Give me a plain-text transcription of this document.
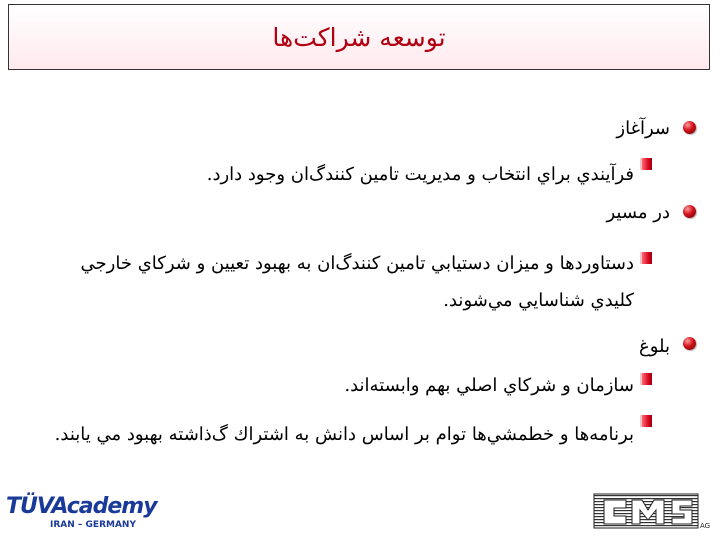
توسعه شراكت‌ها
سرآغاز
فرآيندي براي انتخاب و مديريت تامين كنندگ‌ان وجود دارد.
در مسير
دستاوردها و ميزان دستيابي تامين كنندگ‌ان به بهبود تعيين و شركاي خارجي
كليدي شناسايي مي‌شوند.
بلوغ
سازمان و شركاي اصلي بهم وابسته‌اند.
برنامه‌ها و خطمشي‌ها توام بر اساس دانش به اشتراك گ‌ذاشته بهبود مي يابند.
TÜVAcademy
IRAN – GERMANY	AG
